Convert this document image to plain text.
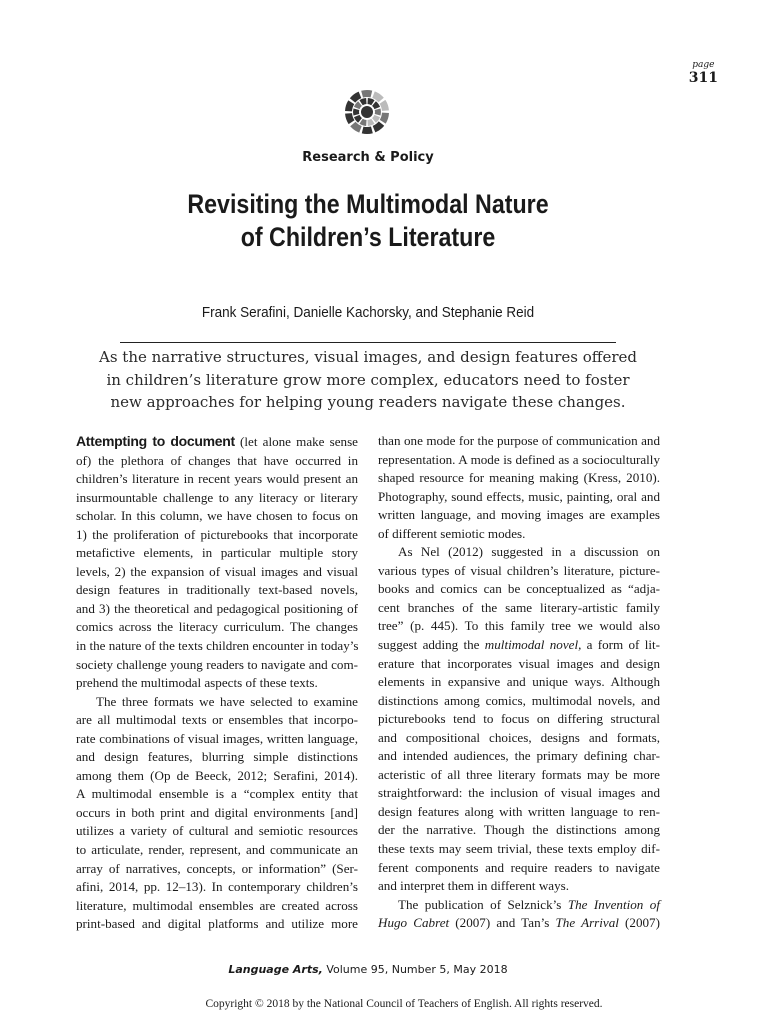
page
311
Research & Policy
Revisiting the Multimodal Nature
of Children’s Literature
Frank Serafini, Danielle Kachorsky, and Stephanie Reid
As the narrative structures, visual images, and design features offered
in children’s literature grow more complex, educators need to foster
new approaches for helping young readers navigate these changes.
Attempting to document (let alone make sense
of) the plethora of changes that have occurred in
children’s literature in recent years would present an
insurmountable challenge to any literacy or literary
scholar. In this column, we have chosen to focus on
1) the proliferation of picturebooks that incorporate
metafictive elements, in particular multiple story
levels, 2) the expansion of visual images and visual
design features in traditionally text-based novels,
and 3) the theoretical and pedagogical positioning of
comics across the literacy curriculum. The changes
in the nature of the texts children encounter in today’s
society challenge young readers to navigate and com-
prehend the multimodal aspects of these texts.
The three formats we have selected to examine
are all multimodal texts or ensembles that incorpo-
rate combinations of visual images, written language,
and design features, blurring simple distinctions
among them (Op de Beeck, 2012; Serafini, 2014).
A multimodal ensemble is a “complex entity that
occurs in both print and digital environments [and]
utilizes a variety of cultural and semiotic resources
to articulate, render, represent, and communicate an
array of narratives, concepts, or information” (Ser-
afini, 2014, pp. 12–13). In contemporary children’s
literature, multimodal ensembles are created across
print-based and digital platforms and utilize more
than one mode for the purpose of communication and
representation. A mode is defined as a socioculturally
shaped resource for meaning making (Kress, 2010).
Photography, sound effects, music, painting, oral and
written language, and moving images are examples
of different semiotic modes.
As Nel (2012) suggested in a discussion on
various types of visual children’s literature, picture-
books and comics can be conceptualized as “adja-
cent branches of the same literary-artistic family
tree” (p. 445). To this family tree we would also
suggest adding the multimodal novel, a form of lit-
erature that incorporates visual images and design
elements in expansive and unique ways. Although
distinctions among comics, multimodal novels, and
picturebooks tend to focus on differing structural
and compositional choices, designs and formats,
and intended audiences, the primary defining char-
acteristic of all three literary formats may be more
straightforward: the inclusion of visual images and
design features along with written language to ren-
der the narrative. Though the distinctions among
these texts may seem trivial, these texts employ dif-
ferent components and require readers to navigate
and interpret them in different ways.
The publication of Selznick’s The Invention of
Hugo Cabret (2007) and Tan’s The Arrival (2007)
Language Arts, Volume 95, Number 5, May 2018
Copyright © 2018 by the National Council of Teachers of English. All rights reserved.
